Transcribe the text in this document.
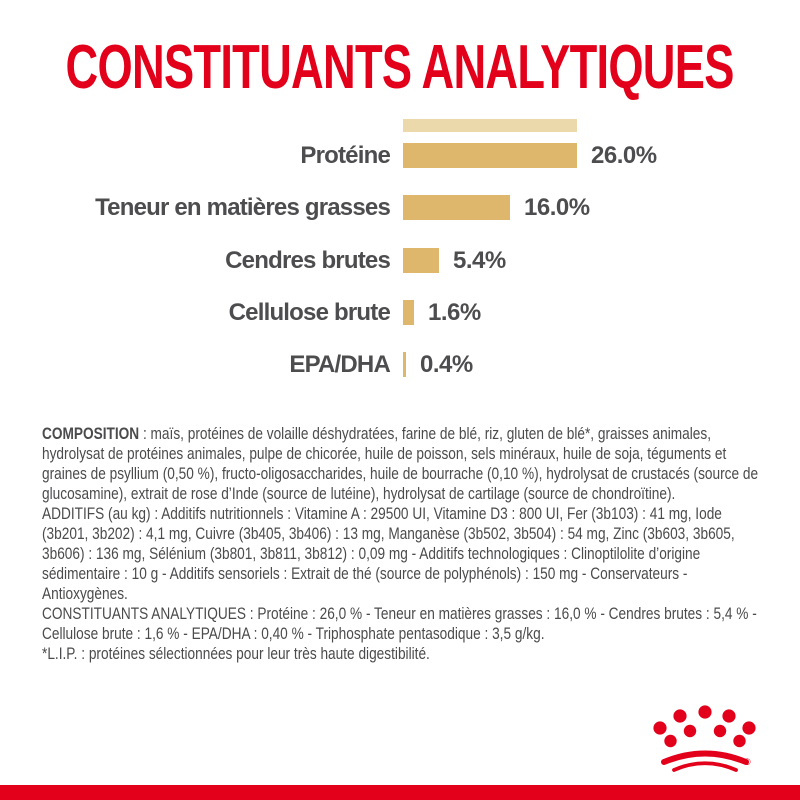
CONSTITUANTS ANALYTIQUES
Protéine	26.0%
Teneur en matières grasses	16.0%
Cendres brutes	5.4%
Cellulose brute 1.6%
EPA/DHA 0.4%

COMPOSITION : maïs, protéines de volaille déshydratées, farine de blé, riz, gluten de blé*, graisses animales, hydrolysat de protéines animales, pulpe de chicorée, huile de poisson, sels minéraux, huile de soja, téguments et graines de psyllium (0,50 %), fructo-oligosaccharides, huile de bourrache (0,10 %), hydrolysat de crustacés (source de glucosamine), extrait de rose d’Inde (source de lutéine), hydrolysat de cartilage (source de chondroïtine).

ADDITIFS (au kg) : Additifs nutritionnels : Vitamine A : 29500 UI, Vitamine D3 : 800 UI, Fer (3b103) : 41 mg, Iode (3b201, 3b202) : 4,1 mg, Cuivre (3b405, 3b406) : 13 mg, Manganèse (3b502, 3b504) : 54 mg, Zinc (3b603, 3b605, 3b606) : 136 mg, Sélénium (3b801, 3b811, 3b812) : 0,09 mg - Additifs technologiques : Clinoptilolite d’origine sédimentaire : 10 g - Additifs sensoriels : Extrait de thé (source de polyphénols) : 150 mg - Conservateurs - Antioxygènes.

CONSTITUANTS ANALYTIQUES : Protéine : 26,0 % - Teneur en matières grasses : 16,0 % - Cendres brutes : 5,4 % - Cellulose brute : 1,6 % - EPA/DHA : 0,40 % - Triphosphate pentasodique : 3,5 g/kg.

*L.I.P. : protéines sélectionnées pour leur très haute digestibilité.

®
